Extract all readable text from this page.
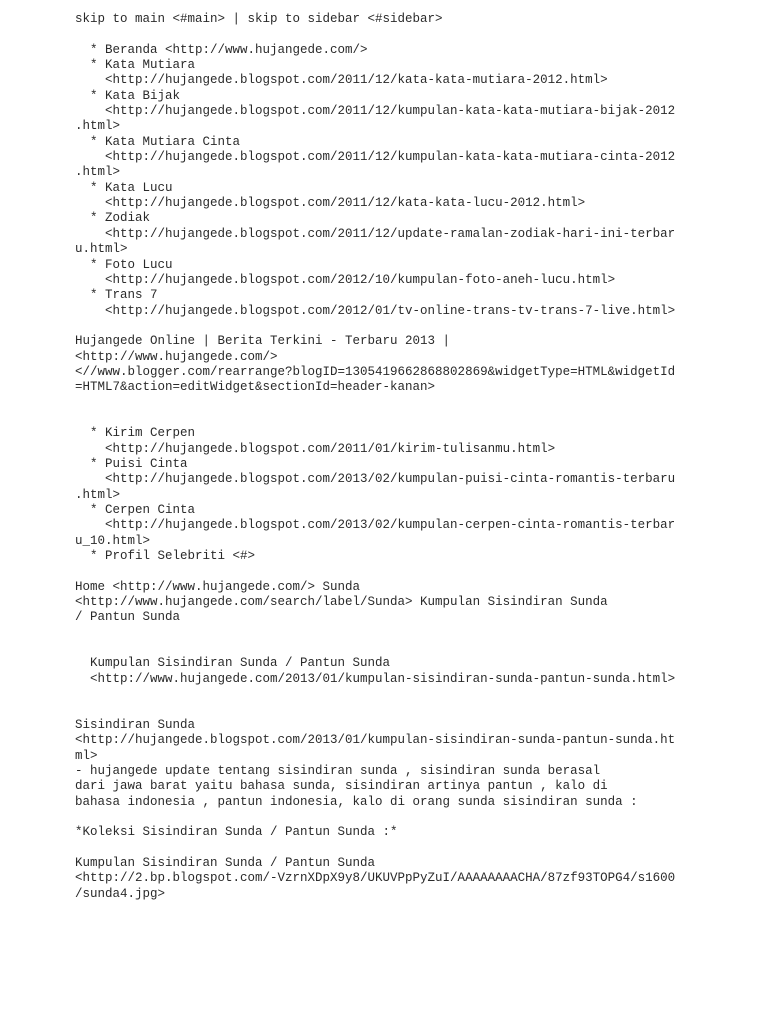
skip to main <#main> | skip to sidebar <#sidebar>
* Beranda <http://www.hujangede.com/>
* Kata Mutiara
<http://hujangede.blogspot.com/2011/12/kata-kata-mutiara-2012.html>
* Kata Bijak
<http://hujangede.blogspot.com/2011/12/kumpulan-kata-kata-mutiara-bijak-2012
.html>
* Kata Mutiara Cinta
<http://hujangede.blogspot.com/2011/12/kumpulan-kata-kata-mutiara-cinta-2012
.html>
* Kata Lucu
<http://hujangede.blogspot.com/2011/12/kata-kata-lucu-2012.html>
* Zodiak
<http://hujangede.blogspot.com/2011/12/update-ramalan-zodiak-hari-ini-terbar
u.html>
* Foto Lucu
<http://hujangede.blogspot.com/2012/10/kumpulan-foto-aneh-lucu.html>
* Trans 7
<http://hujangede.blogspot.com/2012/01/tv-online-trans-tv-trans-7-live.html>
Hujangede Online | Berita Terkini - Terbaru 2013 |
<http://www.hujangede.com/>
<//www.blogger.com/rearrange?blogID=1305419662868802869&widgetType=HTML&widgetId
=HTML7&action=editWidget&sectionId=header-kanan>
* Kirim Cerpen
<http://hujangede.blogspot.com/2011/01/kirim-tulisanmu.html>
* Puisi Cinta
<http://hujangede.blogspot.com/2013/02/kumpulan-puisi-cinta-romantis-terbaru
.html>
* Cerpen Cinta
<http://hujangede.blogspot.com/2013/02/kumpulan-cerpen-cinta-romantis-terbar
u_10.html>
* Profil Selebriti <#>
Home <http://www.hujangede.com/> Sunda
<http://www.hujangede.com/search/label/Sunda> Kumpulan Sisindiran Sunda
/ Pantun Sunda
Kumpulan Sisindiran Sunda / Pantun Sunda
<http://www.hujangede.com/2013/01/kumpulan-sisindiran-sunda-pantun-sunda.html>
Sisindiran Sunda
<http://hujangede.blogspot.com/2013/01/kumpulan-sisindiran-sunda-pantun-sunda.ht
ml>
- hujangede update tentang sisindiran sunda , sisindiran sunda berasal
dari jawa barat yaitu bahasa sunda, sisindiran artinya pantun , kalo di
bahasa indonesia , pantun indonesia, kalo di orang sunda sisindiran sunda :
*Koleksi Sisindiran Sunda / Pantun Sunda :*
Kumpulan Sisindiran Sunda / Pantun Sunda
<http://2.bp.blogspot.com/-VzrnXDpX9y8/UKUVPpPyZuI/AAAAAAAACHA/87zf93TOPG4/s1600
/sunda4.jpg>
